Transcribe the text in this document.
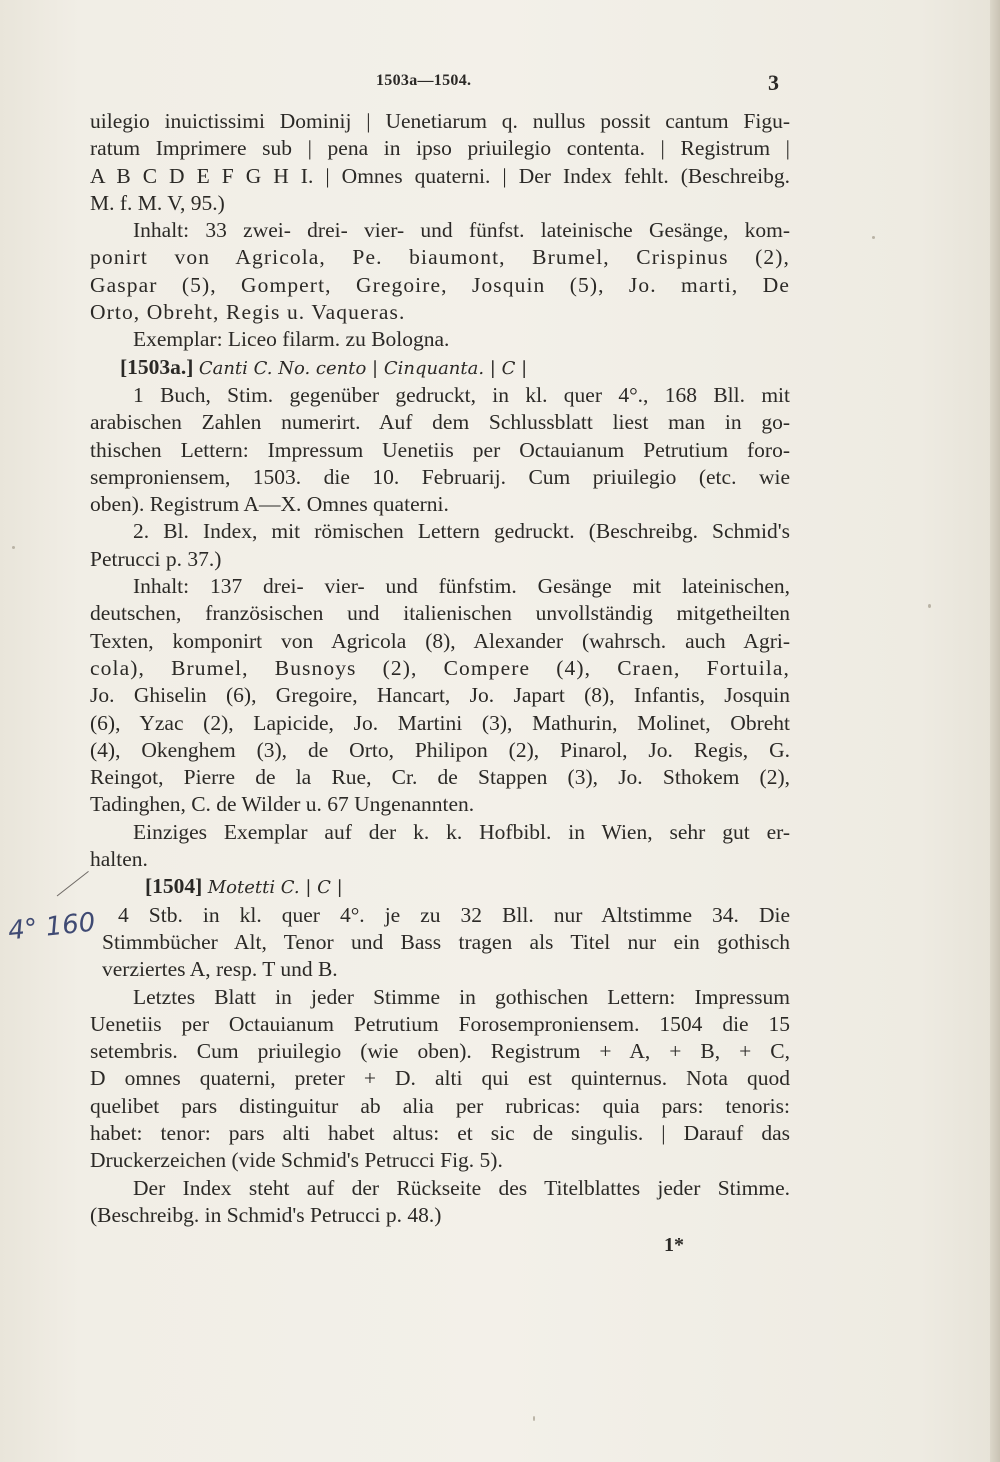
1503a—1504.	3
uilegio inuictissimi Dominij | Uenetiarum q. nullus possit cantum Figu-
ratum Imprimere sub | pena in ipso priuilegio contenta. | Registrum |
A B C D E F G H I. | Omnes quaterni. | Der Index fehlt. (Beschreibg.
M. f. M. V, 95.)
Inhalt: 33 zwei- drei- vier- und fünfst. lateinische Gesänge, kom-
ponirt von Agricola, Pe. biaumont, Brumel, Crispinus (2),
Gaspar (5), Gompert, Gregoire, Josquin (5), Jo. marti, De
Orto, Obreht, Regis u. Vaqueras.
Exemplar: Liceo filarm. zu Bologna.
[1503a.] Canti C. No. cento | Cinquanta. | C |
1 Buch, Stim. gegenüber gedruckt, in kl. quer 4°., 168 Bll. mit
arabischen Zahlen numerirt. Auf dem Schlussblatt liest man in go-
thischen Lettern: Impressum Uenetiis per Octauianum Petrutium foro-
semproniensem, 1503. die 10. Februarij. Cum priuilegio (etc. wie
oben). Registrum A—X. Omnes quaterni.
2. Bl. Index, mit römischen Lettern gedruckt. (Beschreibg. Schmid's
Petrucci p. 37.)
Inhalt: 137 drei- vier- und fünfstim. Gesänge mit lateinischen,
deutschen, französischen und italienischen unvollständig mitgetheilten
Texten, komponirt von Agricola (8), Alexander (wahrsch. auch Agri-
cola), Brumel, Busnoys (2), Compere (4), Craen, Fortuila,
Jo. Ghiselin (6), Gregoire, Hancart, Jo. Japart (8), Infantis, Josquin
(6), Yzac (2), Lapicide, Jo. Martini (3), Mathurin, Molinet, Obreht
(4), Okenghem (3), de Orto, Philipon (2), Pinarol, Jo. Regis, G.
Reingot, Pierre de la Rue, Cr. de Stappen (3), Jo. Sthokem (2),
Tadinghen, C. de Wilder u. 67 Ungenannten.
Einziges Exemplar auf der k. k. Hofbibl. in Wien, sehr gut er-
halten.
[1504] Motetti C. | C |
4 Stb. in kl. quer 4°. je zu 32 Bll. nur Altstimme 34. Die
Stimmbücher Alt, Tenor und Bass tragen als Titel nur ein gothisch
verziertes A, resp. T und B.
Letztes Blatt in jeder Stimme in gothischen Lettern: Impressum
Uenetiis per Octauianum Petrutium Forosemproniensem. 1504 die 15
setembris. Cum priuilegio (wie oben). Registrum + A, + B, + C,
D omnes quaterni, preter + D. alti qui est quinternus. Nota quod
quelibet pars distinguitur ab alia per rubricas: quia pars: tenoris:
habet: tenor: pars alti habet altus: et sic de singulis. | Darauf das
Druckerzeichen (vide Schmid's Petrucci Fig. 5).
Der Index steht auf der Rückseite des Titelblattes jeder Stimme.
(Beschreibg. in Schmid's Petrucci p. 48.)
4° 160
1*
